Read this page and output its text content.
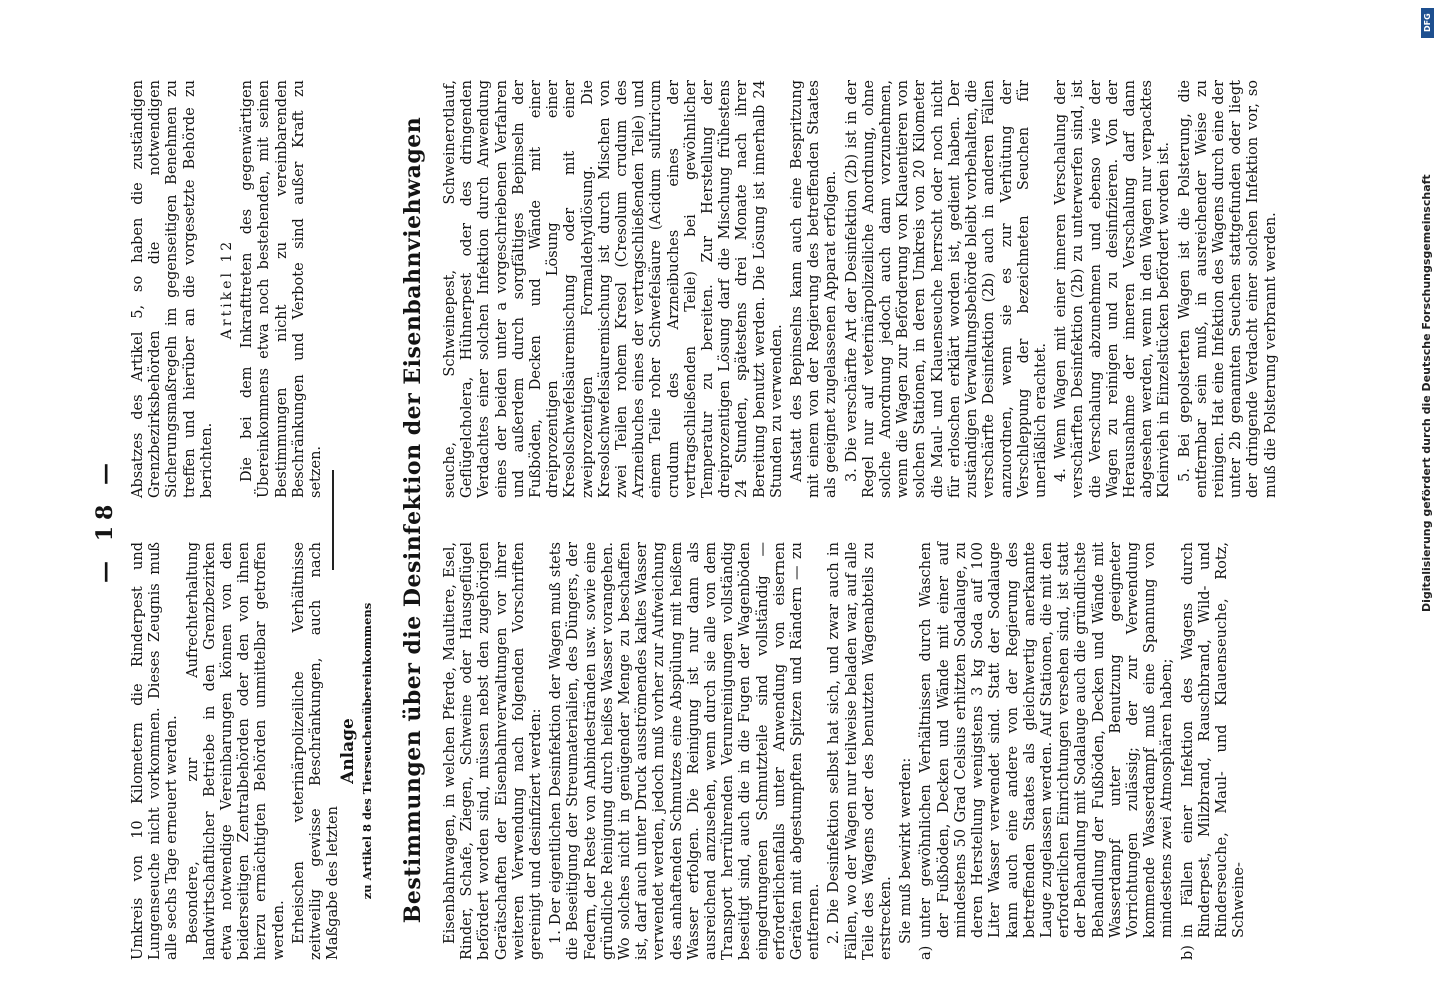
— 18 —

Umkreis von 10 Kilometern die Rinderpest und Lungenseuche nicht vorkommen. Dieses Zeugnis muß alle sechs Tage erneuert werden. Besondere, zur Aufrechterhaltung landwirtschaftlicher Betriebe in den Grenzbezirken etwa notwendige Vereinbarungen können von den beiderseitigen Zentralbehörden oder den von ihnen hierzu ermächtigten Behörden unmittelbar getroffen werden. Erheischen veterinärpolizeiliche Verhältnisse zeitweilig gewisse Beschränkungen, auch nach Maßgabe des letzten

Absatzes des Artikel 5, so haben die zuständigen Grenzbezirksbehörden die notwendigen Sicherungsmaßregeln im gegenseitigen Benehmen zu treffen und hierüber an die vorgesetzte Behörde zu berichten.

Artikel 12 Die bei dem Inkrafttreten des gegenwärtigen Übereinkommens etwa noch bestehenden, mit seinen Bestimmungen nicht zu vereinbarenden Beschränkungen und Verbote sind außer Kraft zu setzen.

Anlage zu Artikel 8 des Tierseuchenübereinkommens Bestimmungen über die Desinfektion der Eisenbahnviehwagen Eisenbahnwagen, in welchen Pferde, Maultiere, Esel, Rinder, Schafe, Ziegen, Schweine oder Hausgeflügel befördert worden sind, müssen nebst den zugehörigen Gerätschaften der Eisenbahnverwaltungen vor ihrer weiteren Verwendung nach folgenden Vorschriften gereinigt und desinfiziert werden: 1. Der eigentlichen Desinfektion der Wagen muß stets die Beseitigung der Streumaterialien, des Düngers, der Federn, der Reste von Anbindestränden usw. sowie eine gründliche Reinigung durch heißes Wasser vorangehen. Wo solches nicht in genügender Menge zu beschaffen ist, darf auch unter Druck ausströmendes kaltes Wasser verwendet werden, jedoch muß vorher zur Aufweichung des anhaftenden Schmutzes eine Abspülung mit heißem Wasser erfolgen. Die Reinigung ist nur dann als ausreichend anzusehen, wenn durch sie alle von dem Transport herrührenden Verunreinigungen vollständig beseitigt sind, auch die in die Fugen der Wagenböden eingedrungenen Schmutzteile sind vollständig — erforderlichenfalls unter Anwendung von eisernen Geräten mit abgestumpften Spitzen und Rändern — zu entfernen. 2. Die Desinfektion selbst hat sich, und zwar auch in Fällen, wo der Wagen nur teilweise beladen war, auf alle Teile des Wagens oder des benutzten Wagenabteils zu erstrecken. Sie muß bewirkt werden:

a)
unter gewöhnlichen Verhältnissen durch Waschen der Fußböden, Decken und Wände mit einer auf mindestens 50 Grad Celsius erhitzten Sodalauge, zu deren Herstellung wenigstens 3 kg Soda auf 100 Liter Wasser verwendet sind. Statt der Sodalauge kann auch eine andere von der Regierung des betreffenden Staates als gleichwertig anerkannte Lauge zugelassen werden. Auf Stationen, die mit den erforderlichen Einrichtungen versehen sind, ist statt der Behandlung mit Sodalauge auch die gründlichste Behandlung der Fußböden, Decken und Wände mit Wasserdampf unter Benutzung geeigneter Vorrichtungen zulässig; der zur Verwendung kommende Wasserdampf muß eine Spannung von mindestens zwei Atmosphären haben;

b)
in Fällen einer Infektion des Wagens durch Rinderpest, Milzbrand, Rauschbrand, Wild- und Rinderseuche, Maul- und Klauenseuche, Rotz, Schweine-

seuche, Schweinepest, Schweinerotlauf, Geflügelcholera, Hühnerpest oder des dringenden Verdachtes einer solchen Infektion durch Anwendung eines der beiden unter a vorgeschriebenen Verfahren und außerdem durch sorgfältiges Bepinseln der Fußböden, Decken und Wände mit einer dreiprozentigen Lösung einer Kresolschwefelsäuremischung oder mit einer zweiprozentigen Formaldehydlösung. Die Kresolschwefelsäuremischung ist durch Mischen von zwei Teilen rohem Kresol (Cresolum crudum des Arzneibuches eines der vertragschließenden Teile) und einem Teile roher Schwefelsäure (Acidum sulfuricum crudum des Arzneibuches eines der vertragschließenden Teile) bei gewöhnlicher Temperatur zu bereiten. Zur Herstellung der dreiprozentigen Lösung darf die Mischung frühestens 24 Stunden, spätestens drei Monate nach ihrer Bereitung benutzt werden. Die Lösung ist innerhalb 24 Stunden zu verwenden. Anstatt des Bepinselns kann auch eine Bespritzung mit einem von der Regierung des betreffenden Staates als geeignet zugelassenen Apparat erfolgen. 3. Die verschärfte Art der Desinfektion (2b) ist in der Regel nur auf veterinärpolizeiliche Anordnung, ohne solche Anordnung jedoch auch dann vorzunehmen, wenn die Wagen zur Beförderung von Klauentieren von solchen Stationen, in deren Umkreis von 20 Kilometer die Maul- und Klauenseuche herrscht oder noch nicht für erloschen erklärt worden ist, gedient haben. Der zuständigen Verwaltungsbehörde bleibt vorbehalten, die verschärfte Desinfektion (2b) auch in anderen Fällen anzuordnen, wenn sie es zur Verhütung der Verschleppung der bezeichneten Seuchen für unerläßlich erachtet. 4. Wenn Wagen mit einer inneren Verschalung der verschärften Desinfektion (2b) zu unterwerfen sind, ist die Verschalung abzunehmen und ebenso wie der Wagen zu reinigen und zu desinfizieren. Von der Herausnahme der inneren Verschalung darf dann abgesehen werden, wenn in den Wagen nur verpacktes Kleinvieh in Einzelstücken befördert worden ist. 5. Bei gepolsterten Wagen ist die Polsterung, die entfernbar sein muß, in ausreichender Weise zu reinigen. Hat eine Infektion des Wagens durch eine der unter 2b genannten Seuchen stattgefunden oder liegt der dringende Verdacht einer solchen Infektion vor, so muß die Polsterung verbrannt werden.	Digitalisierung gefördert durch die Deutsche Forschungsgemeinschaft
DFG
